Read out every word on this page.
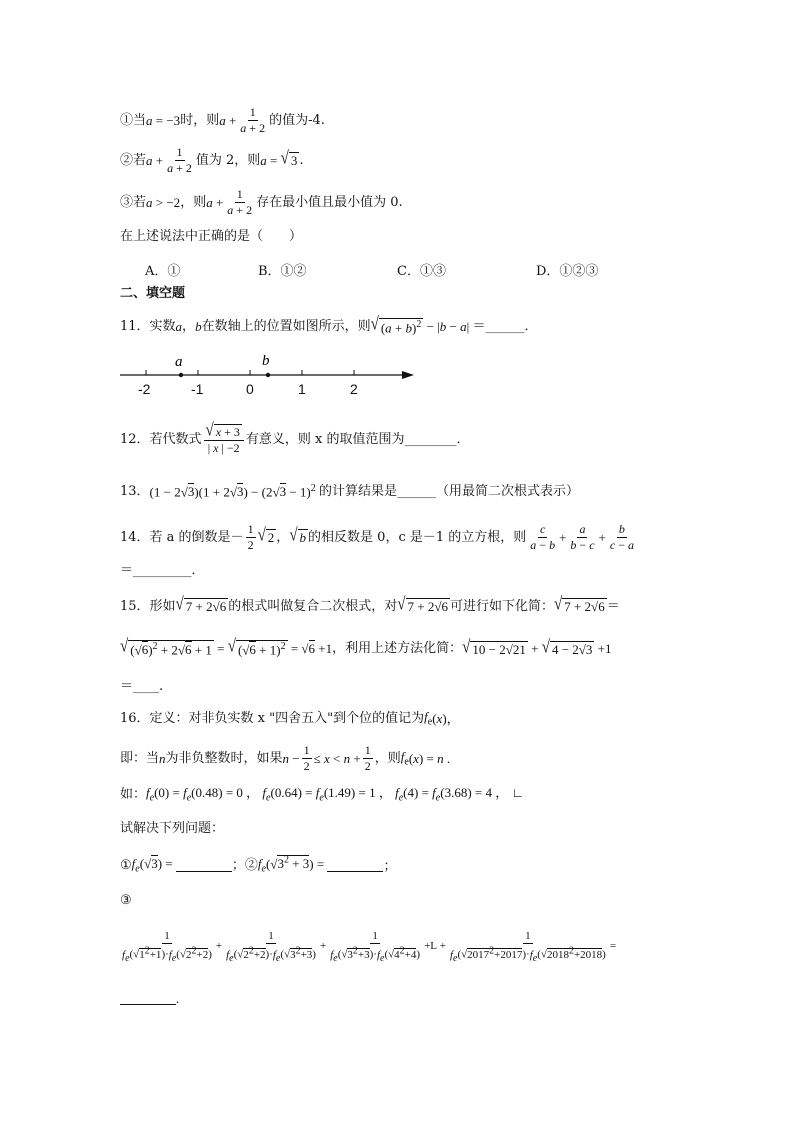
①当 a = −3 时，则 $a + \frac{1}{a + 2}$ 的值为-4.
②若 $a + \frac{1}{a + 2}$ 值为 2，则 a = √ 3 .
③若 a > −2 ，则 $a + \frac{1}{a + 2}$ 存在最小值且最小值为 0.
在上述说法中正确的是（　　）
A．①	B．①②	C．①③	D．①②③
二、填空题
11．实数 a ， b 在数轴上的位置如图所示，则 √ $(a + b)^2 - |b - a|$ ＝______．
a	b
-2	-1	0	1	2
12．若代数式 $\frac{√ x + 3}{| x | -2}$ 有意义，则 x 的取值范围为 ________．
13． $(1 - 2√3)(1 + 2√3) - (2√3 - 1)^2$ 的计算结果是 ______（用最简二次根式表示）
14．若 a 的倒数是－ $\frac{1}{2}$ √ 2 ， √ b 的相反数是 0，c 是－1 的立方根，则 $\frac{c}{a - b} + \frac{a}{b - c} + \frac{b}{c - a}$
＝_________．
15．形如 √ 7 + 2√6 的根式叫做复合二次根式，对 √ 7 + 2√6 可进行如下化简： √ 7 + 2√6 ＝
√ $(√6)^2 + 2√6 + 1$ = √ $(√6 + 1)^2 = √6 +1$ ，利用上述方法化简： √ 10 − 2√21 + √ 4 − 2√3 +1
＝____.
16．定义：对非负实数 x "四舍五入"到个位的值记为 $f_e$ (x)，
即：当 n 为非负整数时，如果 $n - \frac{1}{2} \le x < n + \frac{1}{2}$ ，则 $f_e$ (x) = n .
如： $f_e(0) = f_e(0.48) = 0$ ， $f_e(0.64) = f_e(1.49) = 1$ ， $f_e(4) = f_e(3.68) = 4$ ， ∟
试解决下列问题：
① $f_e(√3)$ =	；② $f_e(√3^2 + 3)$ =	；
③
$\frac{1}{f_e(√1^2+1)\cdot f_e(√2^2+2)} + \frac{1}{f_e(√2^2+2)\cdot f_e(√3^2+3)} + \frac{1}{f_e(√3^2+3)\cdot f_e(√4^2+4)} +L + \frac{1}{f_e(√2017^2+2017)\cdot f_e(√2018^2+2018)}$ =
.
